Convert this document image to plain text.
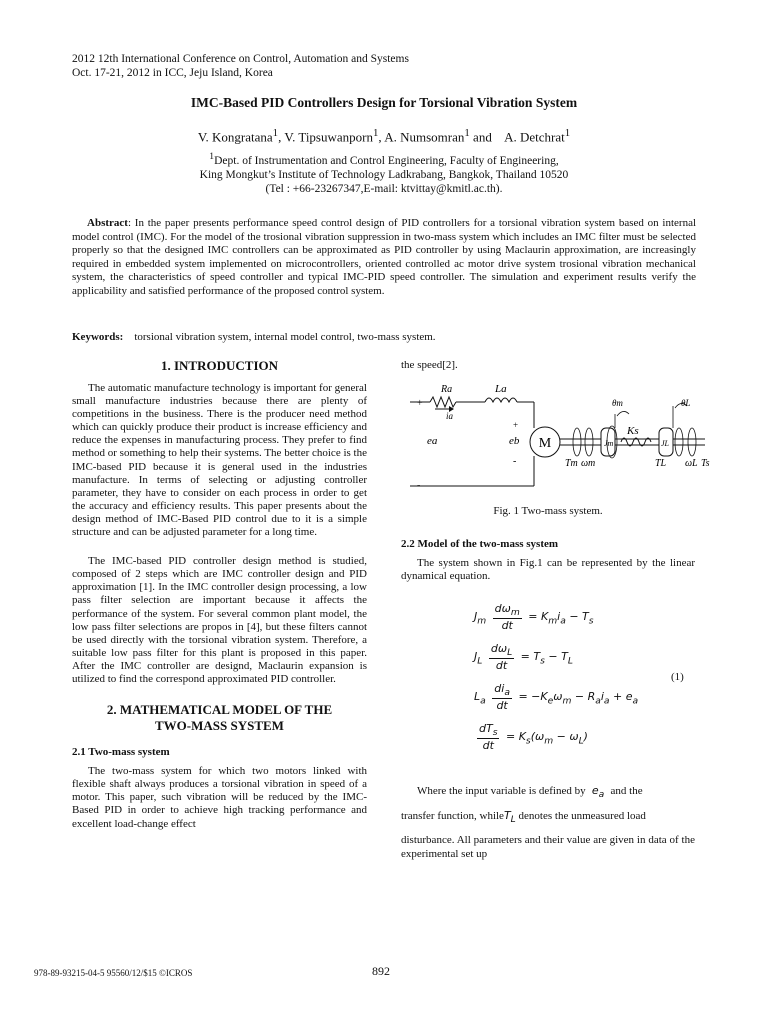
2012 12th International Conference on Control, Automation and Systems
Oct. 17-21, 2012 in ICC, Jeju Island, Korea
IMC-Based PID Controllers Design for Torsional Vibration System
V. Kongratana$^1$, V. Tipsuwanporn$^1$, A. Numsomran$^1$ and    A. Detchrat$^1$
$^1$Dept. of Instrumentation and Control Engineering, Faculty of Engineering,
King Mongkut’s Institute of Technology Ladkrabang, Bangkok, Thailand 10520
(Tel : +66-23267347,E-mail: ktvittay@kmitl.ac.th).
Abstract: In the paper presents performance speed control design of PID controllers for a torsional vibration system based on internal model control (IMC). For the model of the trosional vibration suppression in two-mass system which includes an IMC filter must be selected properly so that the designed IMC controllers can be approximated as PID controller by using Maclaurin approximation, are increasingly required in embedded system implemented on microcontrollers, oriented controlled ac motor drive system trosional vibration mechanical system, the characteristics of speed controller and typical IMC-PID speed controller. The simulation and experiment results verify the applicability and satisfied performance of the proposed control system.
Keywords: torsional vibration system, internal model control, two-mass system.
1. INTRODUCTION

The automatic manufacture technology is important for general small manufacture industries because there are plenty of competitions in the business. There is the producer need method which can quickly produce their product is increase efficiency and reduce the expenses in manufacturing process. They prefer to find method or something to help their systems. The better choice is the IMC-based PID because it is general used in the industries manufacture. In terms of selecting or adjusting controller parameter, they have to consider on each process in order to get the accuracy and efficiency results. This paper presents about the design method of IMC-Based PID control due to it is a simple structure and can be adjusted parameter for a long time.

The IMC-based PID controller design method is studied, composed of 2 steps which are IMC controller design and PID approximation [1]. In the IMC controller design processing, a low pass filter selection are important because it affects the performance of the system. For several common plant model, the low pass filter selections are propos in [4], but these filters cannot be used directly with the torsional vibration system. Therefore, a suitable low pass filter for this plant is proposed in this paper. After the IMC controller are designd, Maclaurin expansion is utilized to find the correspond approximated PID controller.

2. MATHEMATICAL MODEL OF THE
TWO-MASS SYSTEM
2.1 Two-mass system

The two-mass system for which two motors linked with flexible shaft always produces a torsional vibration in speed of a motor. This paper, such vibration will be reduced by the IMC-Based PID in order to achieve high tracking performance and excellent load-change effect

the speed[2].
M
Ra	La
ia
+
ea
-
+
eb
-	Tm ωm
Jm
Ks
JL
TL ωL Ts
θm	θL
Fig. 1 Two-mass system.
2.2 Model of the two-mass system

The system shown in Fig.1 can be represented by the linear dynamical equation.

$J_m \frac{d\omega_m}{dt} = K_mi_a - T_s$
$J_L \frac{d\omega_L}{dt} = T_s - T_L$
$L_a \frac{di_a}{dt} = -K_e\omega_m - R_ai_a + e_a$
$\frac{dT_s}{dt} = K_s(\omega_m - \omega_L)$
(1)
Where the input variable is defined by $e_a$ and the
transfer function, whileT$_L$ denotes the unmeasured load
disturbance. All parameters and their value are given in data of the experimental set up
978-89-93215-04-5 95560/12/$15 ©ICROS	892
